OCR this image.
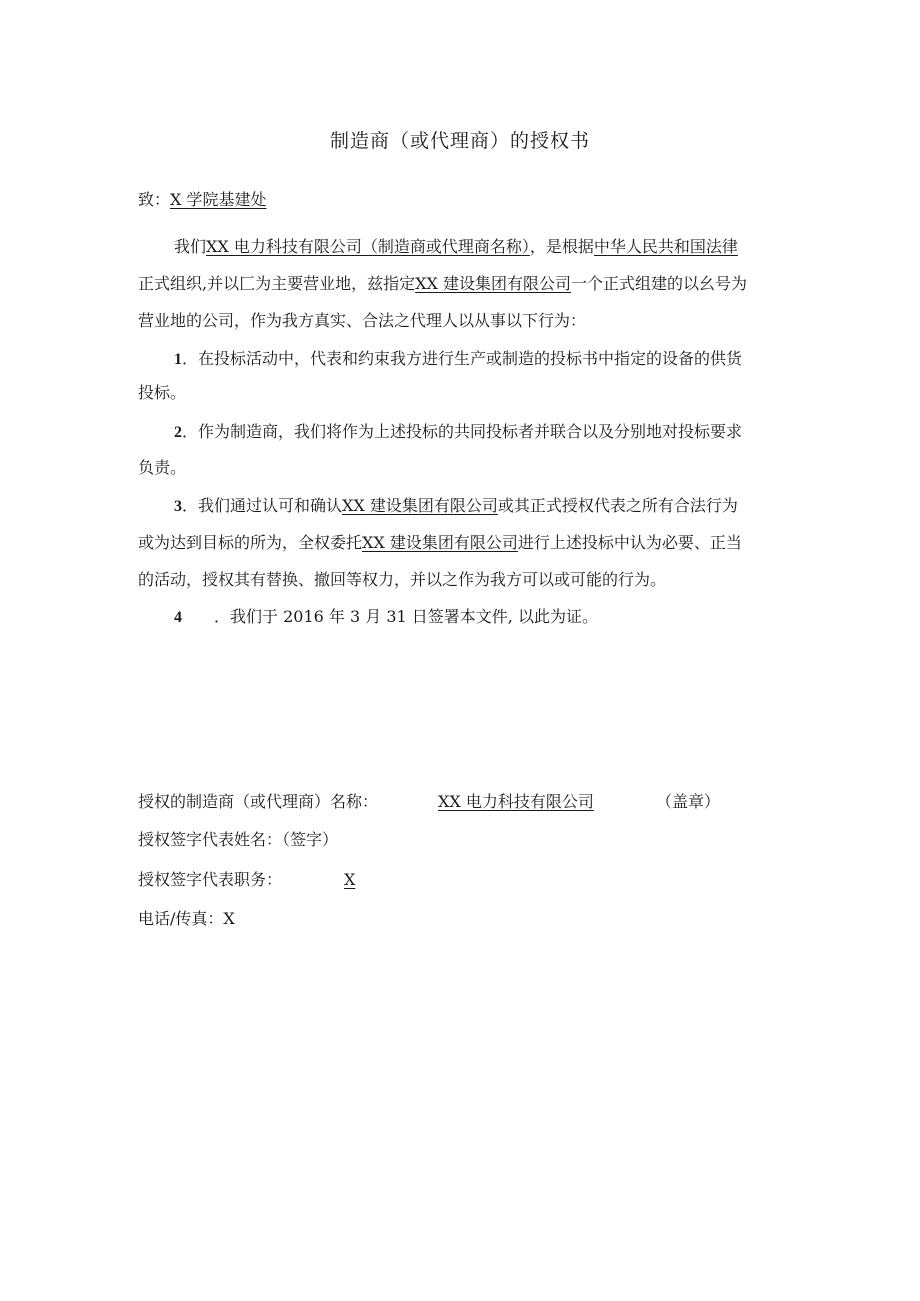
制造商（或代理商）的授权书
致：X 学院基建处
我们XX 电力科技有限公司（制造商或代理商名称），是根据中华人民共和国法律
正式组织,并以匚为主要营业地，兹指定XX 建设集团有限公司一个正式组建的以幺号为
营业地的公司，作为我方真实、合法之代理人以从事以下行为：
1．在投标活动中，代表和约束我方进行生产或制造的投标书中指定的设备的供货
投标。
2．作为制造商，我们将作为上述投标的共同投标者并联合以及分别地对投标要求
负责。
3．我们通过认可和确认XX 建设集团有限公司或其正式授权代表之所有合法行为
或为达到目标的所为，全权委托XX 建设集团有限公司进行上述投标中认为必要、正当
的活动，授权其有替换、撤回等权力，并以之作为我方可以或可能的行为。
4 ．我们于 2016 年 3 月 31 日签署本文件, 以此为证。
授权的制造商（或代理商）名称：	XX 电力科技有限公司	（盖章）
授权签字代表姓名：（签字）
授权签字代表职务：	X
电话/传真：X
